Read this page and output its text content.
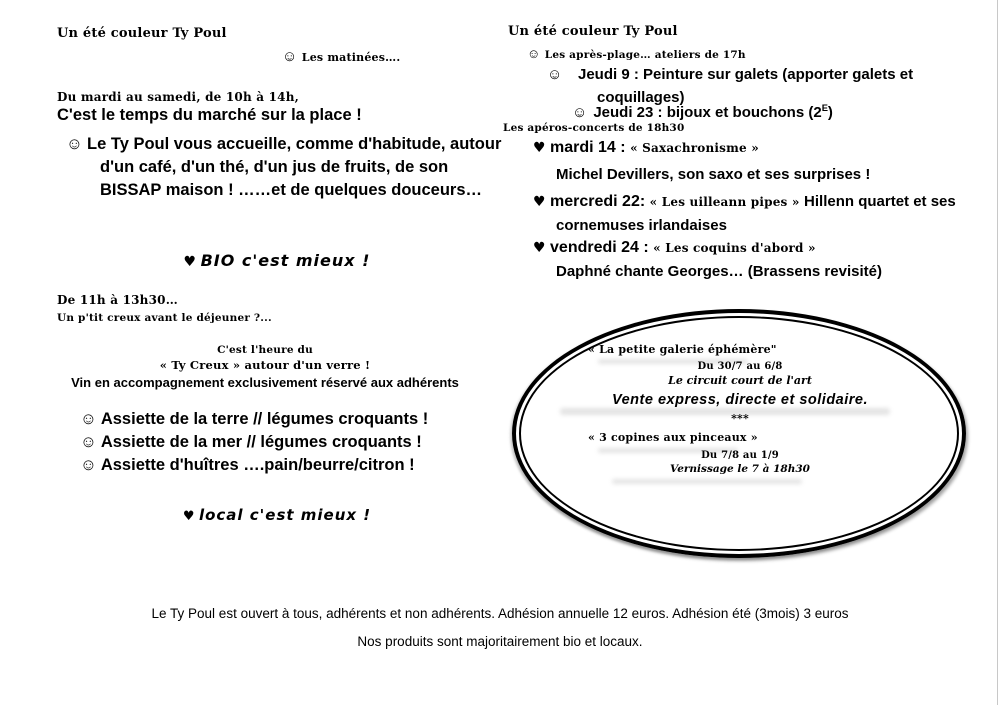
Un été couleur Ty Poul
☺ Les matinées….
Du mardi au samedi, de 10h à 14h,
C'est le temps du marché sur la place !
☺ Le Ty Poul vous accueille, comme d'habitude, autour d'un café, d'un thé, d'un jus de fruits, de son BISSAP maison ! ……et de quelques douceurs…
♥ BIO c'est mieux !
De 11h à 13h30…
Un p'tit creux avant le déjeuner ?...
C'est l'heure du
« Ty Creux » autour d'un verre !
Vin en accompagnement exclusivement réservé aux adhérents
☺ Assiette de la terre // légumes croquants !
☺ Assiette de la mer // légumes croquants !
☺ Assiette d'huîtres ….pain/beurre/citron !
♥ local c'est mieux !
Un été couleur Ty Poul
☺ Les après-plage… ateliers de 17h
☺ Jeudi 9 : Peinture sur galets (apporter galets et coquillages)
☺ Jeudi 23 : bijoux et bouchons $(2^E)$
Les apéros-concerts de 18h30
♥ mardi 14 : « Saxachronisme »
Michel Devillers, son saxo et ses surprises !
♥ mercredi 22: « Les uilleann pipes » Hillenn quartet et ses cornemuses irlandaises
♥ vendredi 24 : « Les coquins d'abord »
Daphné chante Georges… (Brassens revisité)
« La petite galerie éphémère"
Du 30/7 au 6/8
Le circuit court de l'art
Vente express, directe et solidaire.
***
« 3 copines aux pinceaux »
Du 7/8 au 1/9
Vernissage le 7 à 18h30
Le Ty Poul est ouvert à tous, adhérents et non adhérents. Adhésion annuelle 12 euros. Adhésion été (3mois) 3 euros
Nos produits sont majoritairement bio et locaux.
